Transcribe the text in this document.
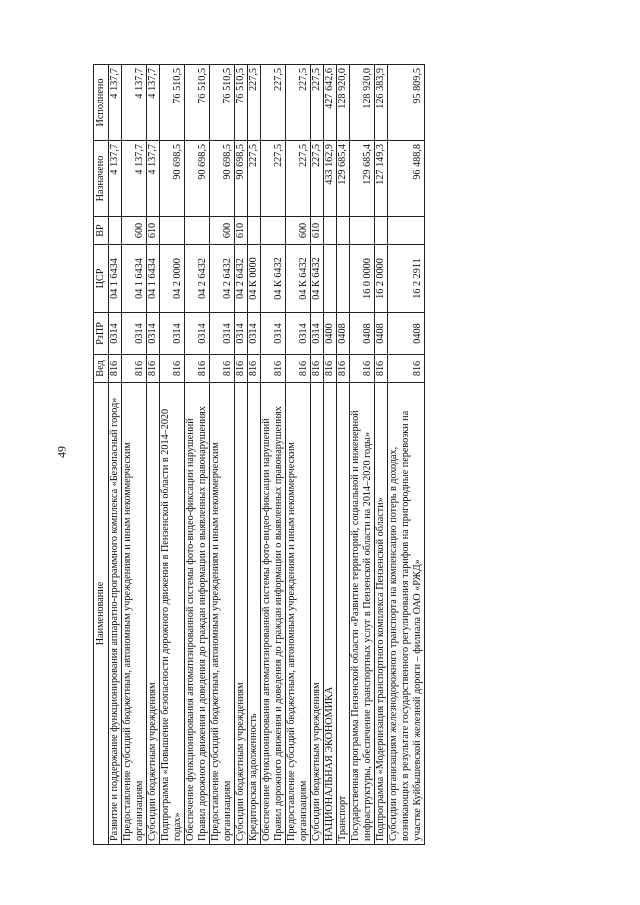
49
Наименование	Вед	РзПР	ЦСР	ВР	Назначено	Исполнено
Развитие и поддержание функционирования аппаратно-программного комплекса «Безопасный город»	816	0314	04 1 6434		4 137,7	4 137,7
Предоставление субсидий бюджетным, автономным учреждениям и иным некоммерческим организациям	816	0314	04 1 6434	600	4 137,7	4 137,7
Субсидии бюджетным учреждениям	816	0314	04 1 6434	610	4 137,7	4 137,7
Подпрограмма «Повышение безопасности дорожного движения в Пензенской области в 2014–2020 годах»	816	0314	04 2 0000		90 698,5	76 510,5
Обеспечение функционирования автоматизированной системы фото-видео-фиксации нарушений Правил дорожного движения и доведения до граждан информации о выявленных правонарушениях	816	0314	04 2 6432		90 698,5	76 510,5
Предоставление субсидий бюджетным, автономным учреждениям и иным некоммерческим организациям	816	0314	04 2 6432	600	90 698,5	76 510,5
Субсидии бюджетным учреждениям	816	0314	04 2 6432	610	90 698,5	76 510,5
Кредиторская задолженность	816	0314	04 К 0000		227,5	227,5
Обеспечение функционирования автоматизированной системы фото-видео-фиксации нарушений Правил дорожного движения и доведения до граждан информации о выявленных правонарушениях	816	0314	04 К 6432		227,5	227,5
Предоставление субсидий бюджетным, автономным учреждениям и иным некоммерческим организациям	816	0314	04 К 6432	600	227,5	227,5
Субсидии бюджетным учреждениям	816	0314	04 К 6432	610	227,5	227,5
НАЦИОНАЛЬНАЯ ЭКОНОМИКА	816	0400			433 162,9	427 642,6
Транспорт	816	0408			129 685,4	128 920,0
Государственная программа Пензенской области «Развитие территорий, социальной и инженерной инфраструктуры, обеспечение транспортных услуг в Пензенской области на 2014–2020 годы»	816	0408	16 0 0000		129 685,4	128 920,0
Подпрограмма «Модернизация транспортного комплекса Пензенской области»	816	0408	16 2 0000		127 149,3	126 383,9
Субсидии организациям железнодорожного транспорта на компенсацию потерь в доходах, возникающих в результате государственного регулирования тарифов на пригородные перевозки на участке Куйбышевской железной дороги – филиала ОАО «РЖД»	816	0408	16 2 2911		96 488,8	95 809,5
